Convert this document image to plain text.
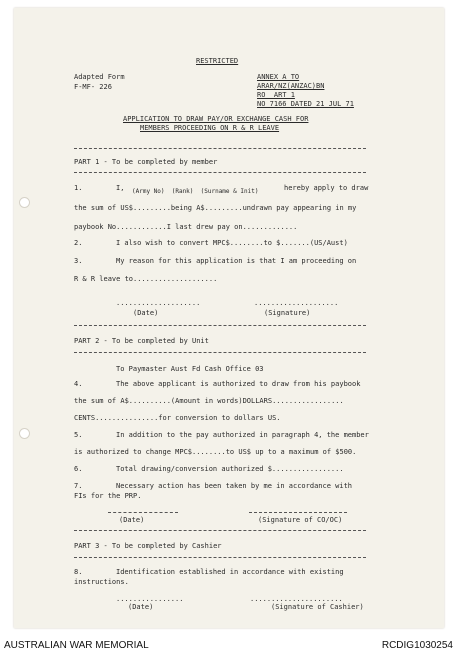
RESTRICTED
Adapted Form
F-MF- 226
ANNEX A TO
ARAR/NZ(ANZAC)BN
RO  ART 1
NO 7166 DATED 21 JUL 71
APPLICATION TO DRAW PAY/OR EXCHANGE CASH FOR
MEMBERS PROCEEDING ON R & R LEAVE
PART 1 - To be completed by member
1.	I, (Army No)  (Rank)  (Surname & Init)	hereby apply to draw
the sum of US$.........being A$.........undrawn pay appearing in my
paybook No............I last drew pay on.............
2.	I also wish to convert MPC$........to $.......(US/Aust)
3.	My reason for this application is that I am proceeding on
R & R leave to....................
....................	....................
(Date)	(Signature)
PART 2 - To be completed by Unit
To Paymaster Aust Fd Cash Office 03
4.	The above applicant is authorized to draw from his paybook
the sum of A$..........(Amount in words)DOLLARS.................
CENTS...............for conversion to dollars US.
5.	In addition to the pay authorized in paragraph 4, the member
is authorized to change MPC$........to US$ up to a maximum of $500.
6.	Total drawing/conversion authorized $.................
7.	Necessary action has been taken by me in accordance with
FIs for the PRP.
(Date)	(Signature of CO/OC)
PART 3 - To be completed by Cashier
8.	Identification established in accordance with existing
instructions.
................	......................
(Date)	(Signature of Cashier)
AUSTRALIAN WAR MEMORIAL	RCDIG1030254
